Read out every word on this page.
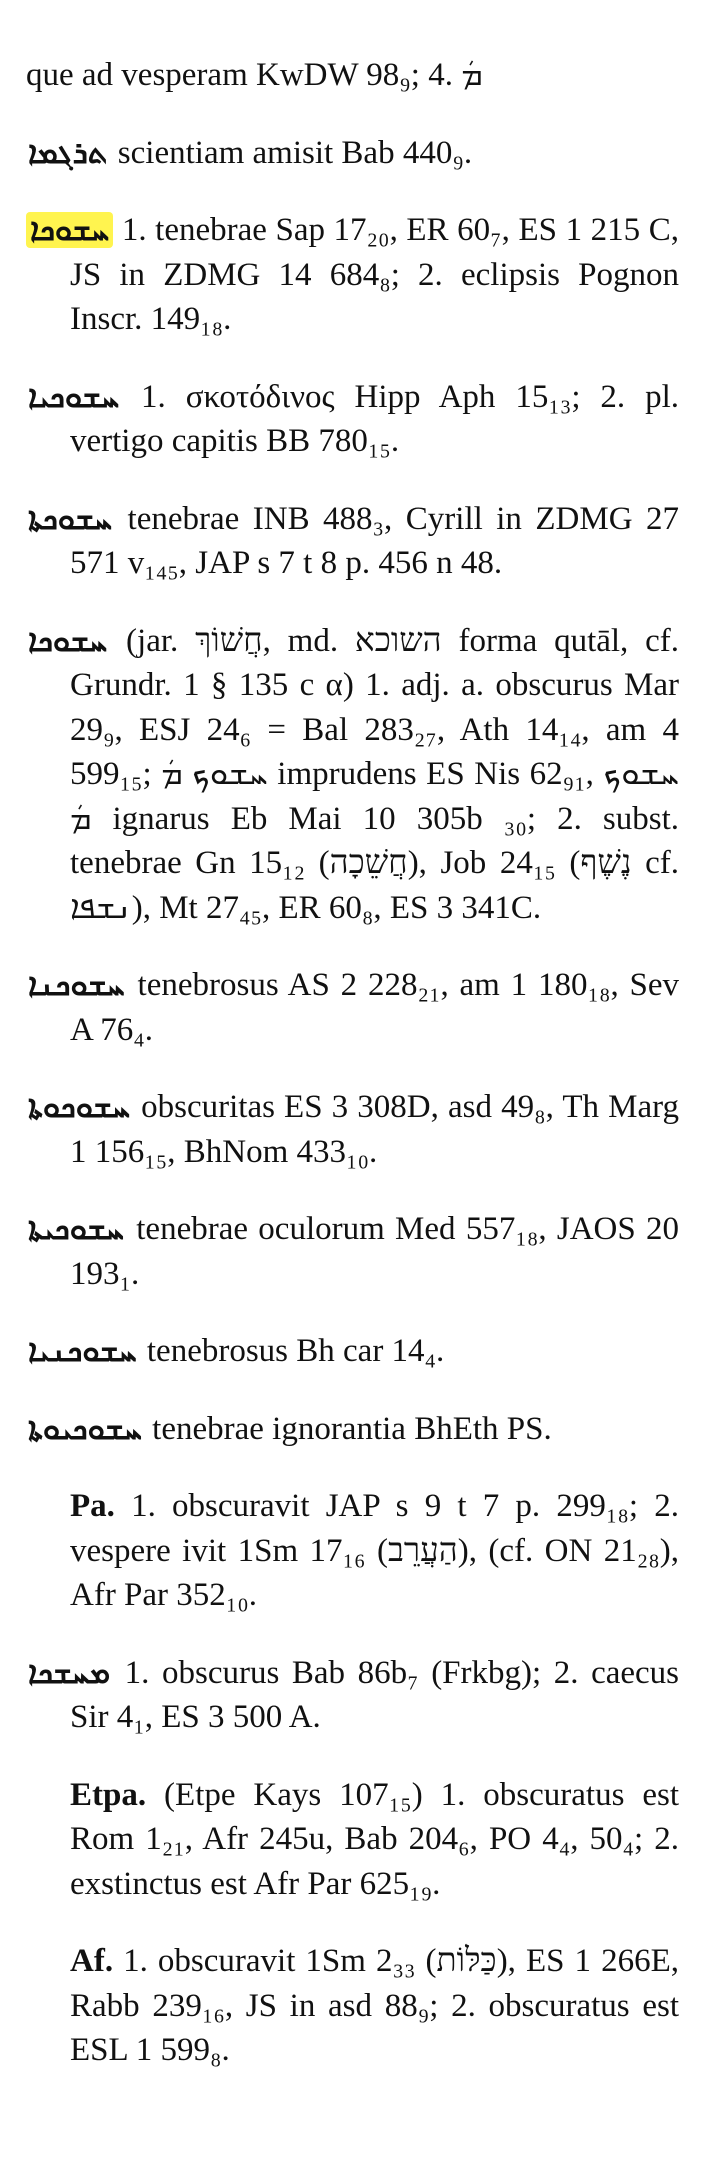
que ad vesperam KwDW 98₉; 4. ܡܿ

ܬܪܓܡܐ scientiam amisit Bab 440₉.

ܚܫܘܟܐ 1. tenebrae Sap 17₂₀, ER 60₇, ES 1 215 C, JS in ZDMG 14 684₈; 2. eclipsis Pognon Inscr. 149₁₈.

ܚܫܘܟܝܐ 1. σκοτόδινος Hipp Aph 15₁₃; 2. pl. vertigo capitis BB 780₁₅.

ܚܫܘܟܬܐ tenebrae INB 488₃, Cyrill in ZDMG 27 571 v₁₄₅, JAP s 7 t 8 p. 456 n 48.

ܚܫܘܟܐ (jar. חֲשׁוֹךְ, md. השוכא forma qutāl, cf. Grundr. 1 § 135 c α) 1. adj. a. obscurus Mar 29₉, ESJ 24₆ = Bal 283₂₇, Ath 14₁₄, am 4 599₁₅; ܚܫܘܟ ܡܿ imprudens ES Nis 62₉₁, ܚܫܘܟ ܡܿ ignarus Eb Mai 10 305b ₃₀; 2. subst. tenebrae Gn 15₁₂ (חֲשֵׁכָה), Job 24₁₅ (נֶשֶׁף cf. ܢܫܦܐ), Mt 27₄₅, ER 60₈, ES 3 341C.

ܚܫܘܟܢܐ tenebrosus AS 2 228₂₁, am 1 180₁₈, Sev A 76₄.

ܚܫܘܟܘܬܐ obscuritas ES 3 308D, asd 49₈, Th Marg 1 156₁₅, BhNom 433₁₀.

ܚܫܘܟܝܬܐ tenebrae oculorum Med 557₁₈, JAOS 20 193₁.

ܚܫܘܟܢܝܐ tenebrosus Bh car 14₄.

ܚܫܘܟܝܘܬܐ tenebrae ignorantia BhEth PS.

Pa. 1. obscuravit JAP s 9 t 7 p. 299₁₈; 2. vespere ivit 1Sm 17₁₆ (הַעֲרֵב), (cf. ON 21₂₈), Afr Par 352₁₀.

ܡܚܫܟܐ 1. obscurus Bab 86b₇ (Frkbg); 2. caecus Sir 4₁, ES 3 500 A.

Etpa. (Etpe Kays 107₁₅) 1. obscuratus est Rom 1₂₁, Afr 245u, Bab 204₆, PO 4₄, 50₄; 2. exstinctus est Afr Par 625₁₉.

Af. 1. obscuravit 1Sm 2₃₃ (כַּלּוֹת), ES 1 266E, Rabb 239₁₆, JS in asd 88₉; 2. obscuratus est ESL 1 599₈.
